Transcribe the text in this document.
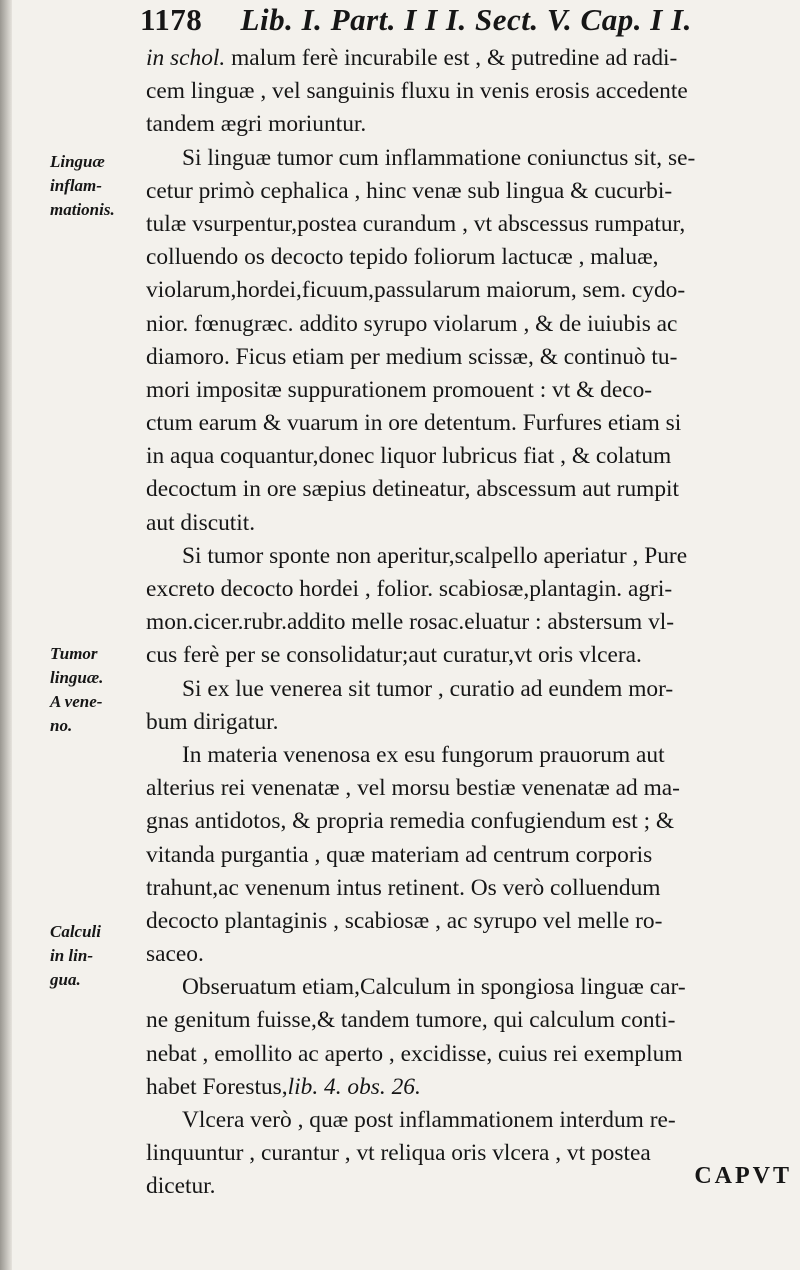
1178 Lib. I. Part. I I I. Sect. V. Cap. I I.
Linguæ
inflam-
mationis.
Tumor
linguæ.
A vene-
no.
Calculi
in lin-
gua.
in schol. malum ferè incurabile est , & putredine ad radi-
cem linguæ , vel sanguinis fluxu in venis erosis accedente
tandem ægri moriuntur.
Si linguæ tumor cum inflammatione coniunctus sit, se-
cetur primò cephalica , hinc venæ sub lingua & cucurbi-
tulæ vsurpentur,postea curandum , vt abscessus rumpatur,
colluendo os decocto tepido foliorum lactucæ , maluæ,
violarum,hordei,ficuum,passularum maiorum, sem. cydo-
nior. fœnugræc. addito syrupo violarum , & de iuiubis ac
diamoro. Ficus etiam per medium scissæ, & continuò tu-
mori impositæ suppurationem promouent : vt & deco-
ctum earum & vuarum in ore detentum. Furfures etiam si
in aqua coquantur,donec liquor lubricus fiat , & colatum
decoctum in ore sæpius detineatur, abscessum aut rumpit
aut discutit.
Si tumor sponte non aperitur,scalpello aperiatur , Pure
excreto decocto hordei , folior. scabiosæ,plantagin. agri-
mon.cicer.rubr.addito melle rosac.eluatur : abstersum vl-
cus ferè per se consolidatur;aut curatur,vt oris vlcera.
Si ex lue venerea sit tumor , curatio ad eundem mor-
bum dirigatur.
In materia venenosa ex esu fungorum prauorum aut
alterius rei venenatæ , vel morsu bestiæ venenatæ ad ma-
gnas antidotos, & propria remedia confugiendum est ; &
vitanda purgantia , quæ materiam ad centrum corporis
trahunt,ac venenum intus retinent. Os verò colluendum
decocto plantaginis , scabiosæ , ac syrupo vel melle ro-
saceo.
Obseruatum etiam,Calculum in spongiosa linguæ car-
ne genitum fuisse,& tandem tumore, qui calculum conti-
nebat , emollito ac aperto , excidisse, cuius rei exemplum
habet Forestus,lib. 4. obs. 26.
Vlcera verò , quæ post inflammationem interdum re-
linquuntur , curantur , vt reliqua oris vlcera , vt postea
dicetur.	CAPVT
